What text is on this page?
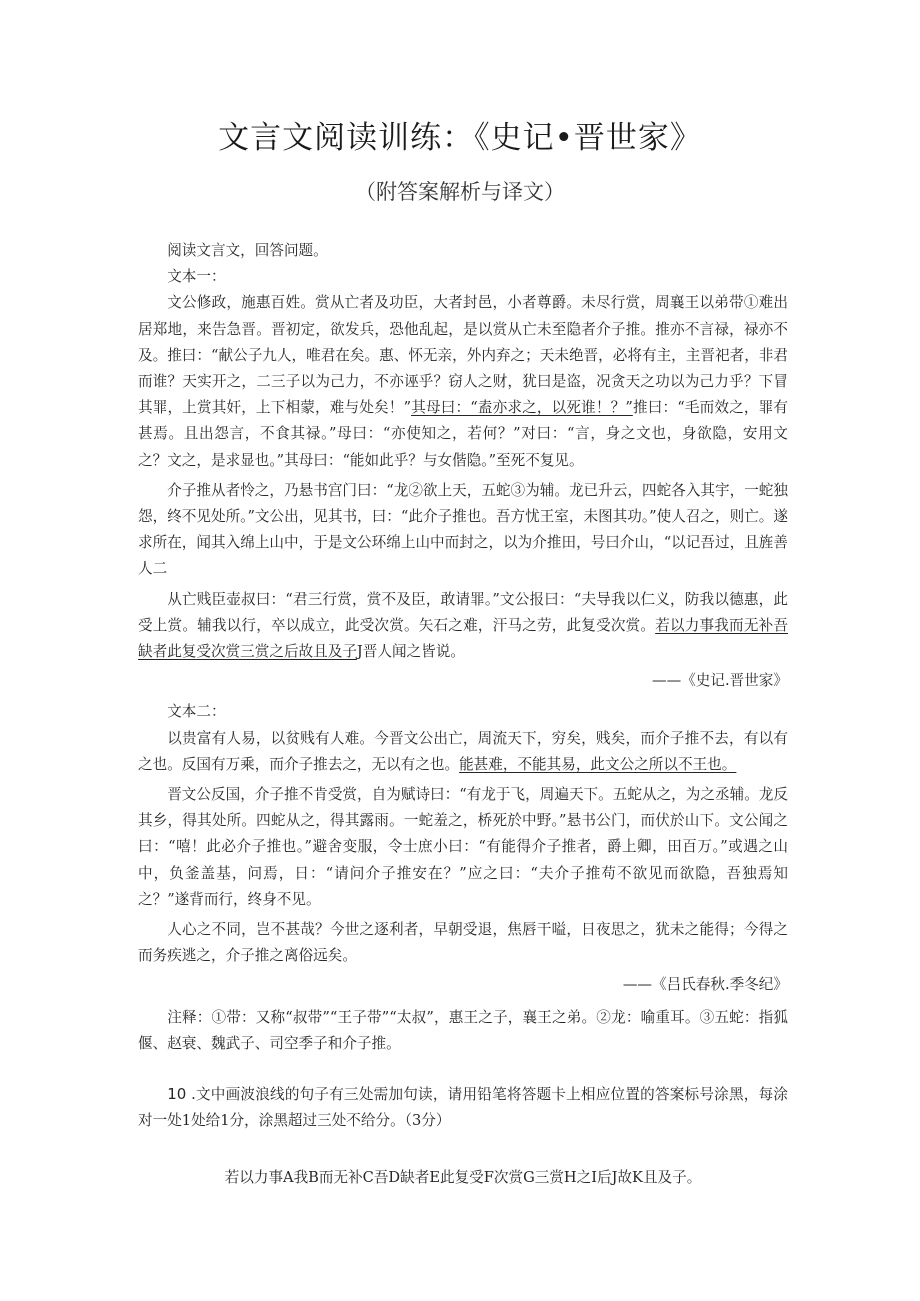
文言文阅读训练：《史记•晋世家》
（附答案解析与译文）

阅读文言文，回答问题。

文本一：

文公修政，施惠百姓。赏从亡者及功臣，大者封邑，小者尊爵。未尽行赏，周襄王以弟带①难出居郑地，来告急晋。晋初定，欲发兵，恐他乱起，是以赏从亡未至隐者介子推。推亦不言禄，禄亦不及。推曰：“献公子九人，唯君在矣。惠、怀无亲，外内弃之；天未绝晋，必将有主，主晋祀者，非君而谁？天实开之，二三子以为己力，不亦诬乎？窃人之财，犹曰是盗，况贪天之功以为己力乎？下冒其罪，上赏其奸，上下相蒙，难与处矣！”其母曰：“盍亦求之，以死谁！？”推曰：“毛而效之，罪有甚焉。且出怨言，不食其禄。”母曰：“亦使知之，若何？”对曰：“言，身之文也，身欲隐，安用文之？文之，是求显也。”其母曰：“能如此乎？与女偕隐。”至死不复见。

介子推从者怜之，乃悬书宫门曰：“龙②欲上天，五蛇③为辅。龙已升云，四蛇各入其宇，一蛇独怨，终不见处所。”文公出，见其书，曰：“此介子推也。吾方忧王室，未图其功。”使人召之，则亡。遂求所在，闻其入绵上山中，于是文公环绵上山中而封之，以为介推田，号曰介山，“以记吾过，且旌善人二

从亡贱臣壶叔曰：“君三行赏，赏不及臣，敢请罪。”文公报曰：“夫导我以仁义，防我以德惠，此受上赏。辅我以行，卒以成立，此受次赏。矢石之难，汗马之劳，此复受次赏。若以力事我而无补吾缺者此复受次赏三赏之后故且及子J晋人闻之皆说。

——《史记.晋世家》

文本二：

以贵富有人易，以贫贱有人难。今晋文公出亡，周流天下，穷矣，贱矣，而介子推不去，有以有之也。反国有万乘，而介子推去之，无以有之也。能甚难，不能其易，此文公之所以不王也。

晋文公反国，介子推不肯受赏，自为赋诗曰：“有龙于飞，周遍天下。五蛇从之，为之丞辅。龙反其乡，得其处所。四蛇从之，得其露雨。一蛇羞之，桥死於中野。”悬书公门，而伏於山下。文公闻之曰：“嘻！此必介子推也。”避舍变服，令士庶小曰：“有能得介子推者，爵上卿，田百万。”或遇之山中，负釜盖基，问焉，日：“请问介子推安在？”应之曰：“夫介子推苟不欲见而欲隐，吾独焉知之？”遂背而行，终身不见。

人心之不同，岂不甚哉？今世之逐利者，早朝受退，焦唇干嗌，日夜思之，犹未之能得；今得之而务疾逃之，介子推之离俗远矣。

——《吕氏春秋.季冬纪》

注释：①带：又称“叔带”“王子带”“太叔”，惠王之子，襄王之弟。②龙：喻重耳。③五蛇：指狐偃、赵衰、魏武子、司空季子和介子推。

10 .文中画波浪线的句子有三处需加句读，请用铅笔将答题卡上相应位置的答案标号涂黑，每涂对一处1处给1分，涂黑超过三处不给分。（3分）

若以力事A我B而无补C吾D缺者E此复受F次赏G三赏H之I后J故K且及子。
